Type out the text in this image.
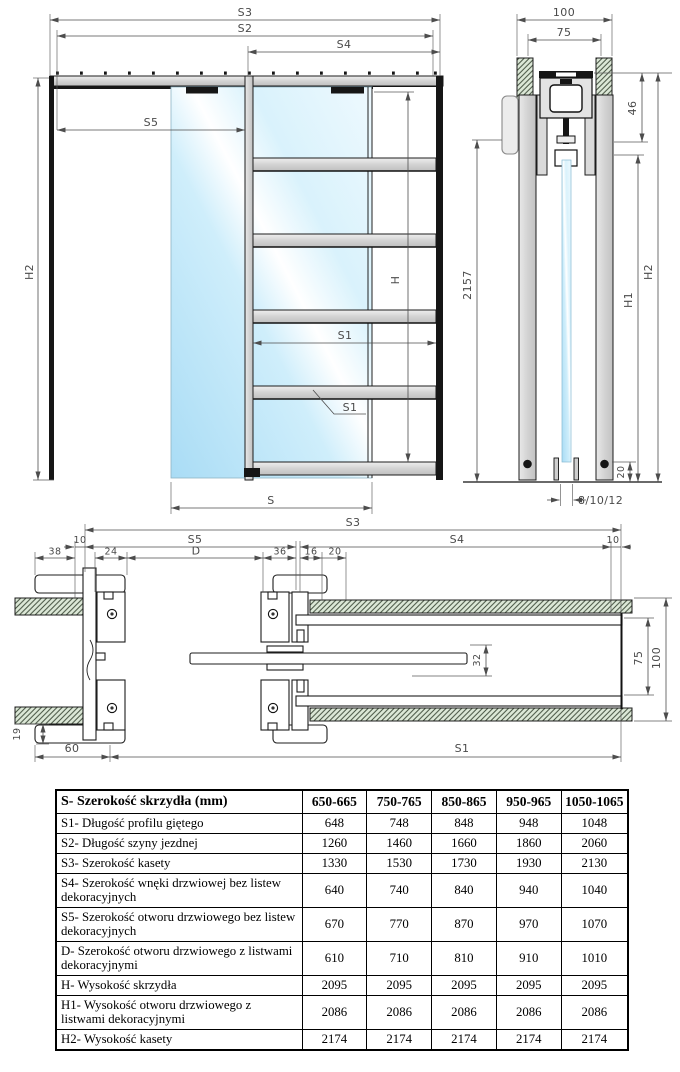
S3
S2
S4
S5
H2	H
S1
S1
S
100
75
46
2157
H1
H2
20
8/10/12
S3
10	S5	S4	10
38	24	D	36 16 20
32	75 100
19
60	S1
S- Szerokość skrzydła (mm)	650-665	750-765	850-865	950-965	1050-1065
S1- Długość profilu giętego	648	748	848	948	1048
S2- Długość szyny jezdnej	1260	1460	1660	1860	2060
S3- Szerokość kasety	1330	1530	1730	1930	2130
S4- Szerokość wnęki drzwiowej bez listew dekoracyjnych	640	740	840	940	1040
S5- Szerokość otworu drzwiowego bez listew dekoracyjnych	670	770	870	970	1070
D- Szerokość otworu drzwiowego z listwami dekoracyjnymi	610	710	810	910	1010
H- Wysokość skrzydła	2095	2095	2095	2095	2095
H1- Wysokość otworu drzwiowego z listwami dekoracyjnymi	2086	2086	2086	2086	2086
H2- Wysokość kasety	2174	2174	2174	2174	2174
